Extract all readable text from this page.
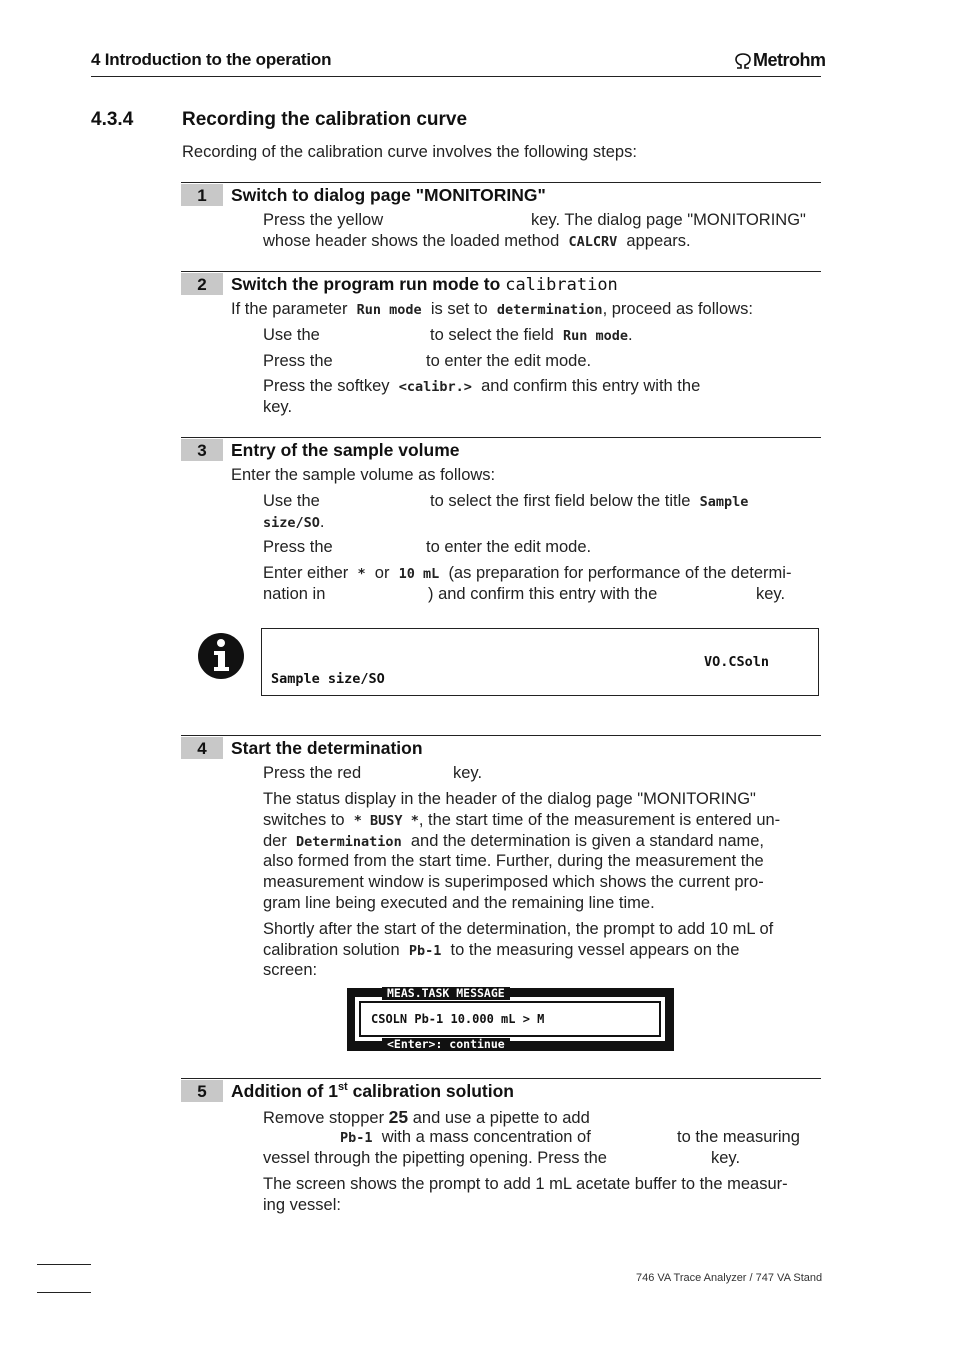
4 Introduction to the operation	Metrohm
4.3.4	Recording the calibration curve
Recording of the calibration curve involves the following steps:
1	Switch to dialog page "MONITORING"
Press the yellow	key. The dialog page "MONITORING"
whose header shows the loaded method CALCRV appears.
2	Switch the program run mode to calibration
If the parameter Run mode is set to determination, proceed as follows:
Use the	to select the field Run mode.
Press the	to enter the edit mode.
Press the softkey <calibr.> and confirm this entry with the
key.
3	Entry of the sample volume
Enter the sample volume as follows:
Use the	to select the first field below the title Sample
size/SO.
Press the	to enter the edit mode.
Enter either * or 10 mL (as preparation for performance of the determi-
nation in	) and confirm this entry with the	key.
VO.CSoln
Sample size/SO
4	Start the determination
Press the red	key.
The status display in the header of the dialog page "MONITORING"
switches to * BUSY *, the start time of the measurement is entered un-
der Determination and the determination is given a standard name,
also formed from the start time. Further, during the measurement the
measurement window is superimposed which shows the current pro-
gram line being executed and the remaining line time.
Shortly after the start of the determination, the prompt to add 10 mL of
calibration solution Pb-1 to the measuring vessel appears on the
screen:
CSOLN Pb-1 10.000 mL > M
MEAS.TASK MESSAGE
<Enter>: continue
5	Addition of 1st calibration solution
Remove stopper 25 and use a pipette to add
Pb-1 with a mass concentration of	to the measuring
vessel through the pipetting opening. Press the	key.
The screen shows the prompt to add 1 mL acetate buffer to the measur-
ing vessel:
746 VA Trace Analyzer / 747 VA Stand
